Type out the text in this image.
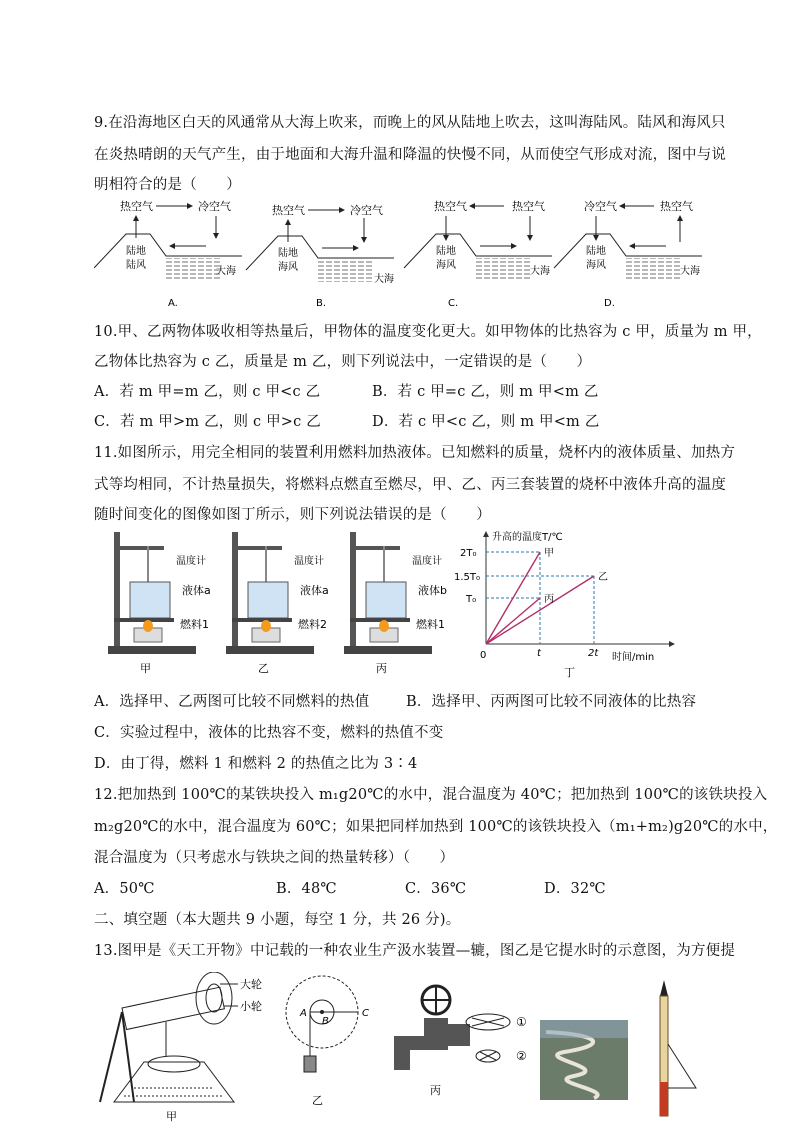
9.在沿海地区白天的风通常从大海上吹来，而晚上的风从陆地上吹去，这叫海陆风。陆风和海风只
在炎热晴朗的天气产生，由于地面和大海升温和降温的快慢不同，从而使空气形成对流，图中与说
明相符合的是（　　）
热空气	冷空气
陆地
陆风
大海
A.
热空气	冷空气
陆地
海风
大海
B.
热空气	热空气
陆地
海风
大海
C.
冷空气	热空气
陆地
海风
大海
D.
10.甲、乙两物体吸收相等热量后，甲物体的温度变化更大。如甲物体的比热容为 c 甲，质量为 m 甲，
乙物体比热容为 c 乙，质量是 m 乙，则下列说法中，一定错误的是（　　）
A．若 m 甲=m 乙，则 c 甲<c 乙	B．若 c 甲=c 乙，则 m 甲<m 乙
C．若 m 甲>m 乙，则 c 甲>c 乙	D．若 c 甲<c 乙，则 m 甲<m 乙
11.如图所示，用完全相同的装置利用燃料加热液体。已知燃料的质量，烧杯内的液体质量、加热方
式等均相同，不计热量损失，将燃料点燃直至燃尽，甲、乙、丙三套装置的烧杯中液体升高的温度
随时间变化的图像如图丁所示，则下列说法错误的是（　　）
温度计
液体a
燃料1
甲
温度计
液体a
燃料2
乙
温度计
液体b
燃料1
丙
升高的温度T/℃
时间/min
2T₀
1.5T₀
T₀
0	t	2t
甲
乙
丙
丁
A．选择甲、乙两图可比较不同燃料的热值	B．选择甲、丙两图可比较不同液体的比热容
C．实验过程中，液体的比热容不变，燃料的热值不变
D．由丁得，燃料 1 和燃料 2 的热值之比为 3∶4
12.把加热到 100℃的某铁块投入 m₁g20℃的水中，混合温度为 40℃；把加热到 100℃的该铁块投入
m₂g20℃的水中，混合温度为 60℃；如果把同样加热到 100℃的该铁块投入（m₁+m₂)g20℃的水中，
混合温度为（只考虑水与铁块之间的热量转移）（　　）
A．50℃	B．48℃	C．36℃	D．32℃
二、填空题（本大题共 9 小题，每空 1 分，共 26 分)。
13.图甲是《天工开物》中记载的一种农业生产汲水装置—辘，图乙是它提水时的示意图，为方便提
甲
大轮
小轮
A
B
C
乙
丙
①
②
